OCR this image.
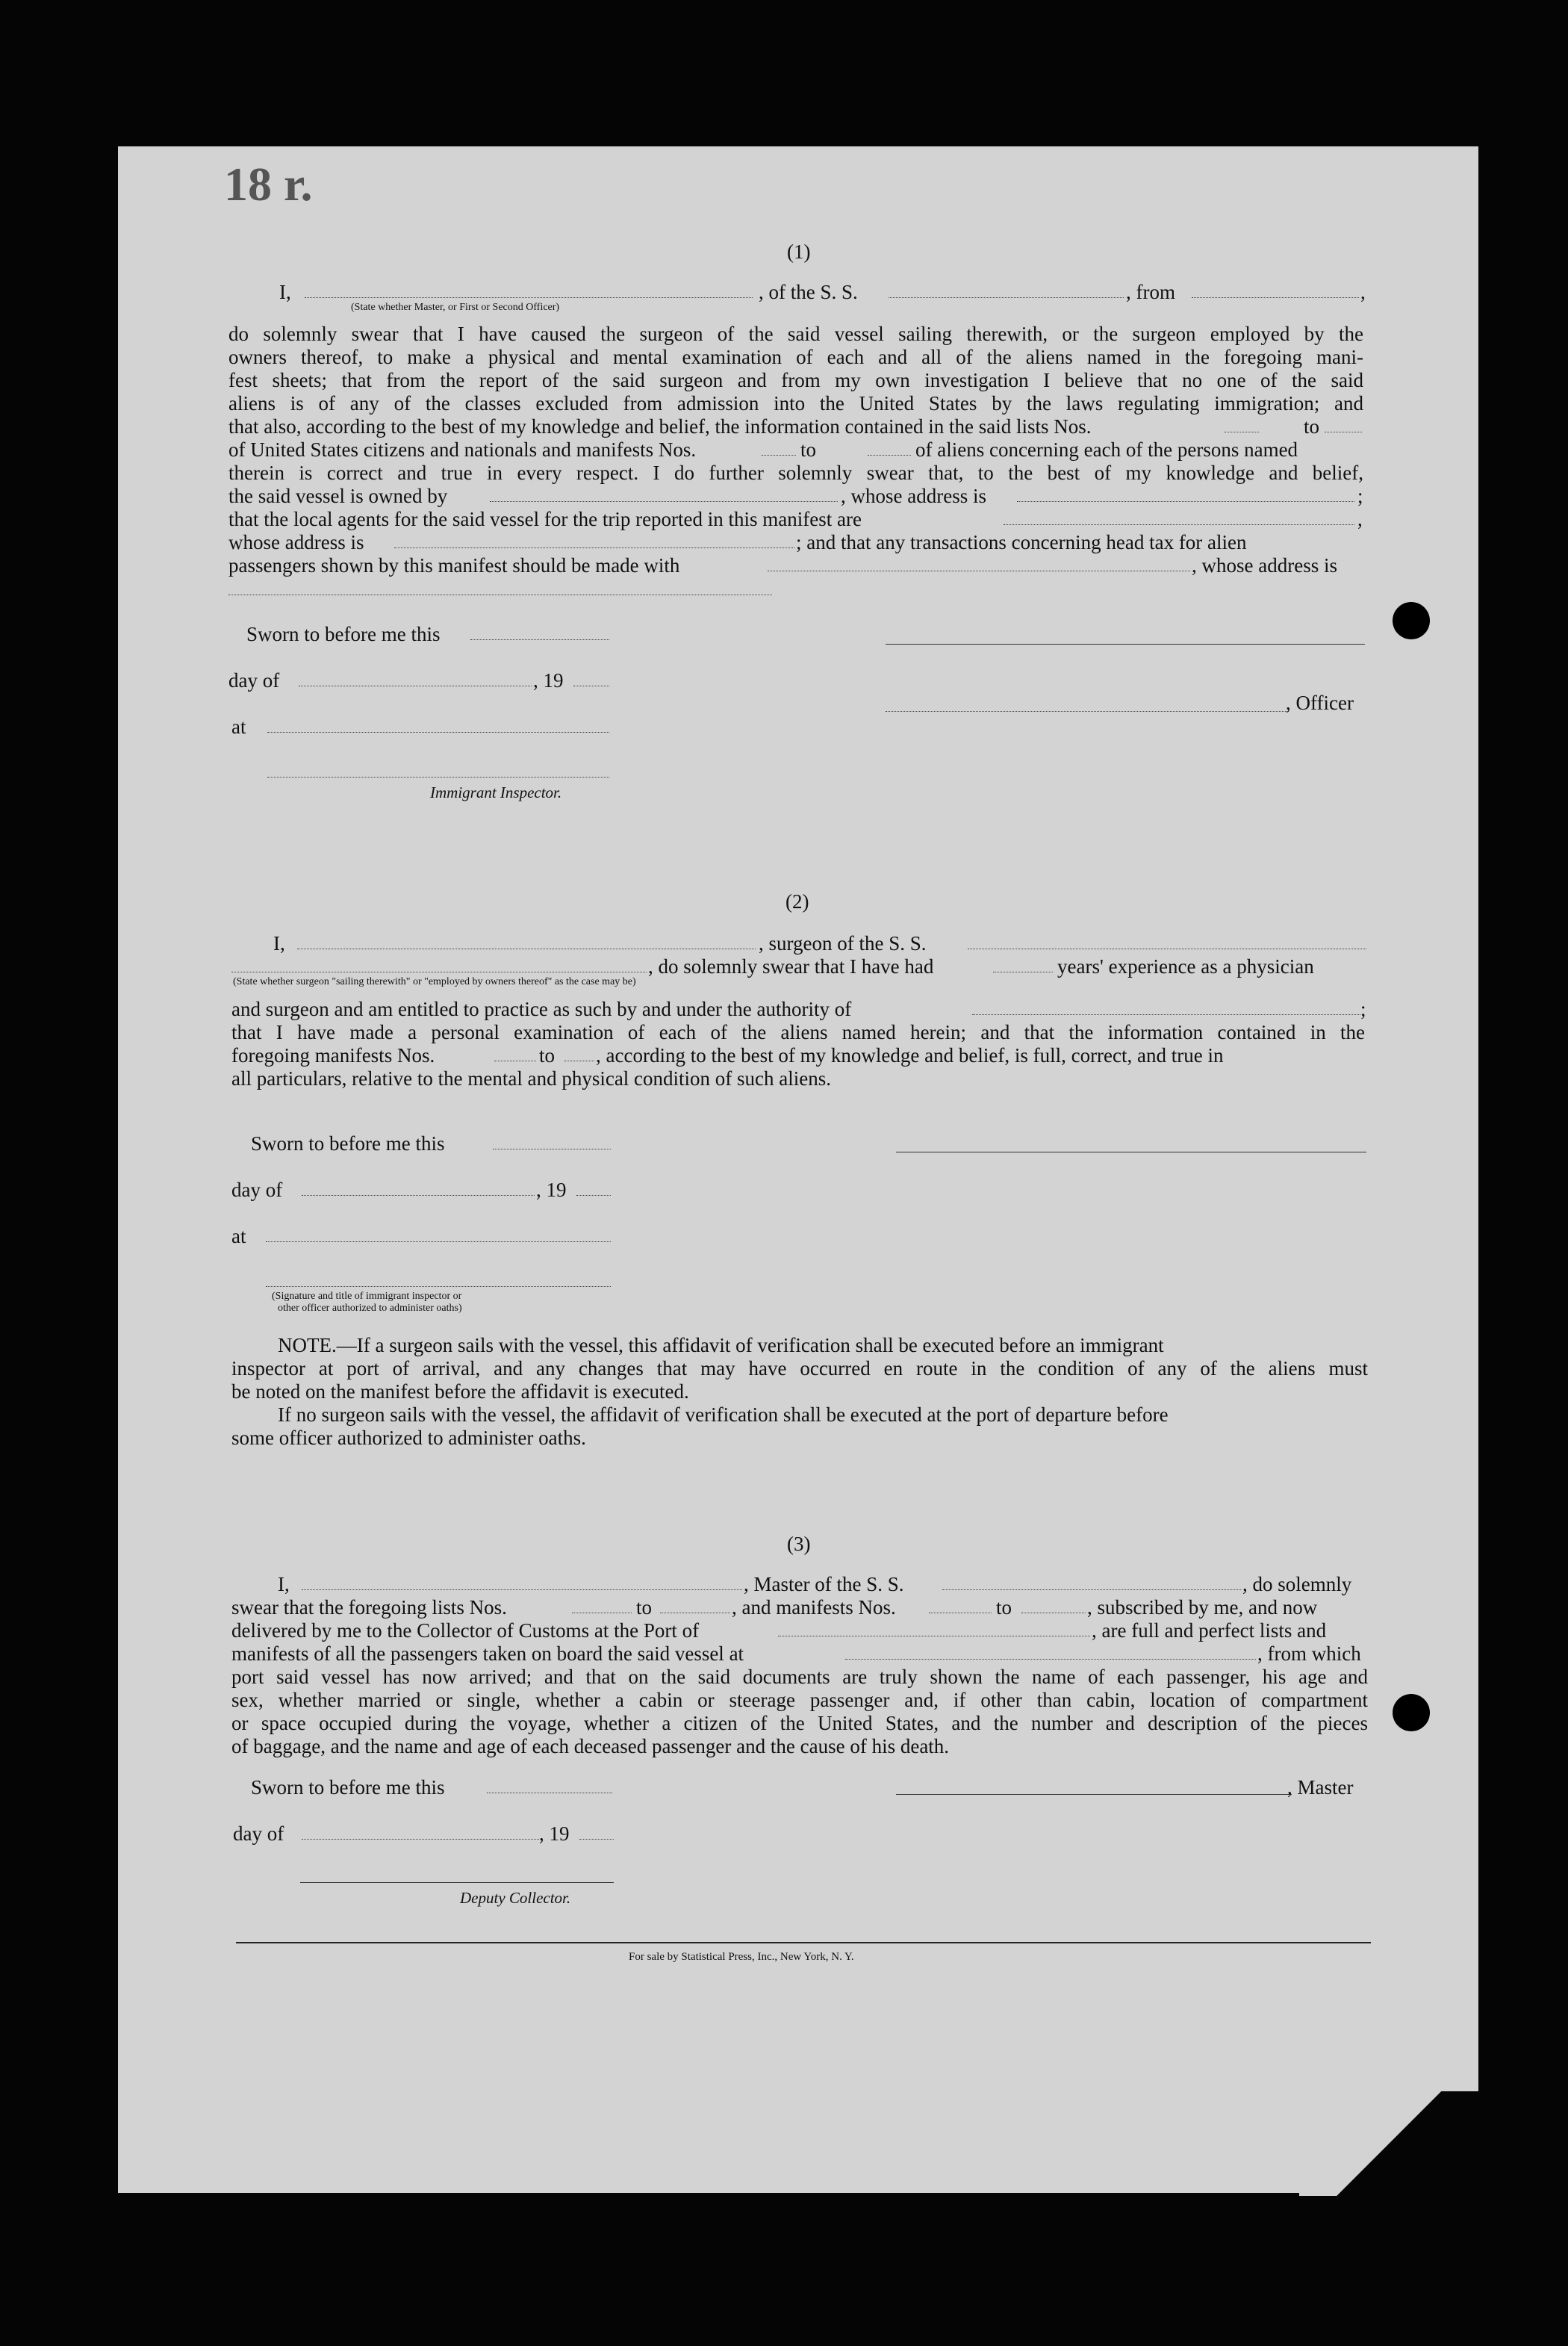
18 r.
(1)
I,	, of the S. S.	, from	,
(State whether Master, or First or Second Officer)
do solemnly swear that I have caused the surgeon of the said vessel sailing therewith, or the surgeon employed by the
owners thereof, to make a physical and mental examination of each and all of the aliens named in the foregoing mani-
fest sheets; that from the report of the said surgeon and from my own investigation I believe that no one of the said
aliens is of any of the classes excluded from admission into the United States by the laws regulating immigration; and
that also, according to the best of my knowledge and belief, the information contained in the said lists Nos.	to
of United States citizens and nationals and manifests Nos.	to	of aliens concerning each of the persons named
therein is correct and true in every respect. I do further solemnly swear that, to the best of my knowledge and belief,
the said vessel is owned by	, whose address is	;
that the local agents for the said vessel for the trip reported in this manifest are	,
whose address is	; and that any transactions concerning head tax for alien
passengers shown by this manifest should be made with	, whose address is
Sworn to before me this
day of	, 19
, Officer
at
Immigrant Inspector.
(2)
I,	, surgeon of the S. S.
, do solemnly swear that I have had	years' experience as a physician
(State whether surgeon "sailing therewith" or "employed by owners thereof" as the case may be)
and surgeon and am entitled to practice as such by and under the authority of	;
that I have made a personal examination of each of the aliens named herein; and that the information contained in the
foregoing manifests Nos.	to , according to the best of my knowledge and belief, is full, correct, and true in
all particulars, relative to the mental and physical condition of such aliens.
Sworn to before me this
day of	, 19
at
(Signature and title of immigrant inspector or
other officer authorized to administer oaths)
NOTE.—If a surgeon sails with the vessel, this affidavit of verification shall be executed before an immigrant
inspector at port of arrival, and any changes that may have occurred en route in the condition of any of the aliens must
be noted on the manifest before the affidavit is executed.
If no surgeon sails with the vessel, the affidavit of verification shall be executed at the port of departure before
some officer authorized to administer oaths.
(3)
I,	, Master of the S. S.	, do solemnly
swear that the foregoing lists Nos.	to	, and manifests Nos.	to	, subscribed by me, and now
delivered by me to the Collector of Customs at the Port of	, are full and perfect lists and
manifests of all the passengers taken on board the said vessel at	, from which
port said vessel has now arrived; and that on the said documents are truly shown the name of each passenger, his age and
sex, whether married or single, whether a cabin or steerage passenger and, if other than cabin, location of compartment
or space occupied during the voyage, whether a citizen of the United States, and the number and description of the pieces
of baggage, and the name and age of each deceased passenger and the cause of his death.
Sworn to before me this	, Master
day of	, 19
Deputy Collector.
For sale by Statistical Press, Inc., New York, N. Y.
